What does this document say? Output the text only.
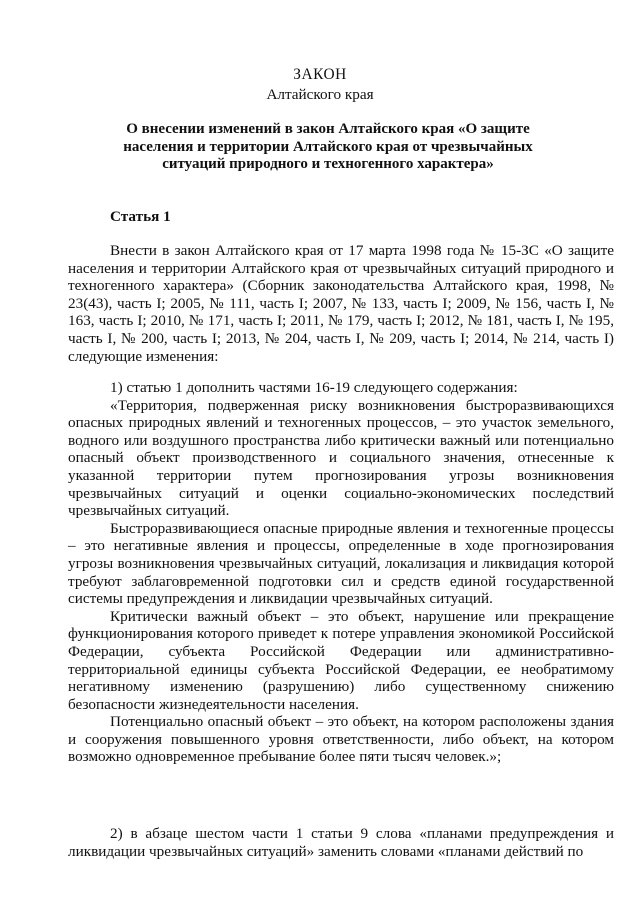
ЗАКОН
Алтайского края
О внесении изменений в закон Алтайского края «О защите населения и территории Алтайского края от чрезвычайных ситуаций природного и техногенного характера»
Статья 1

Внести в закон Алтайского края от 17 марта 1998 года № 15-ЗС «О защите населения и территории Алтайского края от чрезвычайных ситуаций природного и техногенного характера» (Сборник законодательства Алтайского края, 1998, № 23(43), часть I; 2005, № 111, часть I; 2007, № 133, часть I; 2009, № 156, часть I, № 163, часть I; 2010, № 171, часть I; 2011, № 179, часть I; 2012, № 181, часть I, № 195, часть I, № 200, часть I; 2013, № 204, часть I, № 209, часть I; 2014, № 214, часть I) следующие изменения:

1) статью 1 дополнить частями 16-19 следующего содержания:

«Территория, подверженная риску возникновения быстроразвивающихся опасных природных явлений и техногенных процессов, – это участок земельного, водного или воздушного пространства либо критически важный или потенциально опасный объект производственного и социального значения, отнесенные к указанной территории путем прогнозирования угрозы возникновения чрезвычайных ситуаций и оценки социально-экономических последствий чрезвычайных ситуаций.

Быстроразвивающиеся опасные природные явления и техногенные процессы – это негативные явления и процессы, определенные в ходе прогнозирования угрозы возникновения чрезвычайных ситуаций, локализация и ликвидация которой требуют заблаговременной подготовки сил и средств единой государственной системы предупреждения и ликвидации чрезвычайных ситуаций.

Критически важный объект – это объект, нарушение или прекращение функционирования которого приведет к потере управления экономикой Российской Федерации, субъекта Российской Федерации или административно-территориальной единицы субъекта Российской Федерации, ее необратимому негативному изменению (разрушению) либо существенному снижению безопасности жизнедеятельности населения.

Потенциально опасный объект – это объект, на котором расположены здания и сооружения повышенного уровня ответственности, либо объект, на котором возможно одновременное пребывание более пяти тысяч человек.»;

2) в абзаце шестом части 1 статьи 9 слова «планами предупреждения и ликвидации чрезвычайных ситуаций» заменить словами «планами действий по
